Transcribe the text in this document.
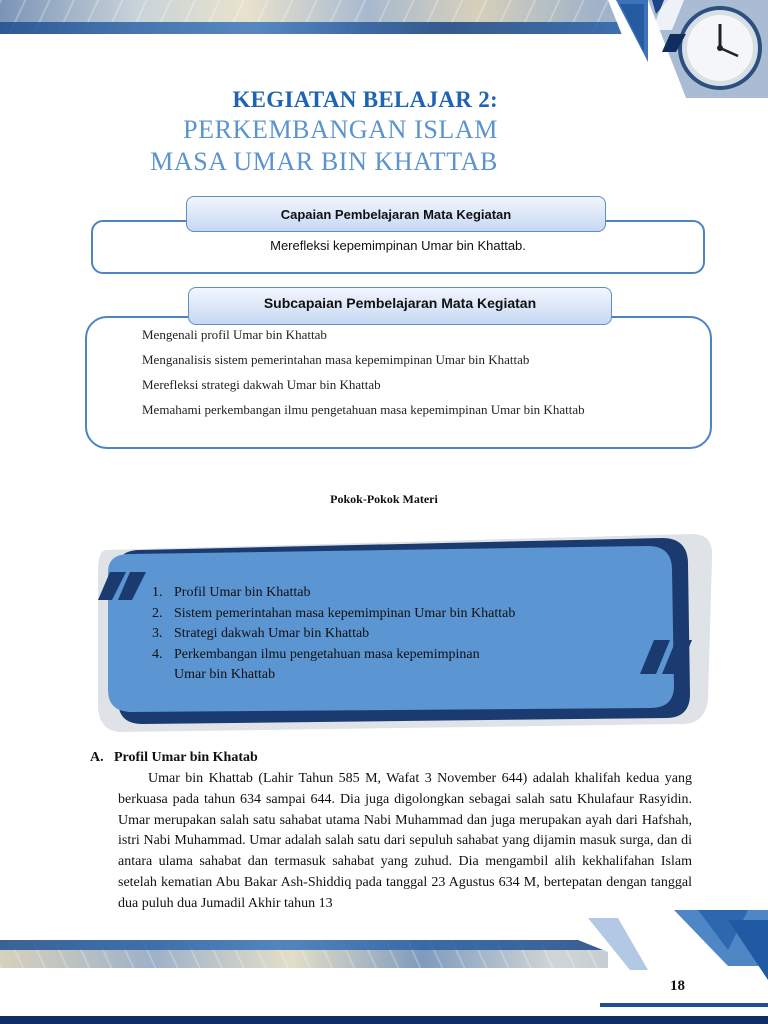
KEGIATAN BELAJAR 2:
PERKEMBANGAN ISLAM
MASA UMAR BIN KHATTAB
Capaian Pembelajaran Mata Kegiatan
Merefleksi kepemimpinan Umar bin Khattab.
Subcapaian Pembelajaran Mata Kegiatan
Mengenali profil Umar bin Khattab
Menganalisis sistem pemerintahan masa kepemimpinan Umar bin Khattab
Merefleksi strategi dakwah Umar bin Khattab
Memahami perkembangan ilmu pengetahuan masa kepemimpinan Umar bin Khattab
Pokok-Pokok Materi
1. Profil Umar bin Khattab
2. Sistem pemerintahan masa kepemimpinan Umar bin Khattab
3. Strategi dakwah Umar bin Khattab
4. Perkembangan ilmu pengetahuan masa kepemimpinan
Umar bin Khattab
A. Profil Umar bin Khatab

Umar bin Khattab (Lahir Tahun 585 M, Wafat 3 November 644) adalah khalifah kedua yang berkuasa pada tahun 634 sampai 644. Dia juga digolongkan sebagai salah satu Khulafaur Rasyidin. Umar merupakan salah satu sahabat utama Nabi Muhammad dan juga merupakan ayah dari Hafshah, istri Nabi Muhammad. Umar adalah salah satu dari sepuluh sahabat yang dijamin masuk surga, dan di antara ulama sahabat dan termasuk sahabat yang zuhud. Dia mengambil alih kekhalifahan Islam setelah kematian Abu Bakar Ash-Shiddiq pada tanggal 23 Agustus 634 M, bertepatan dengan tanggal dua puluh dua Jumadil Akhir tahun 13

18
